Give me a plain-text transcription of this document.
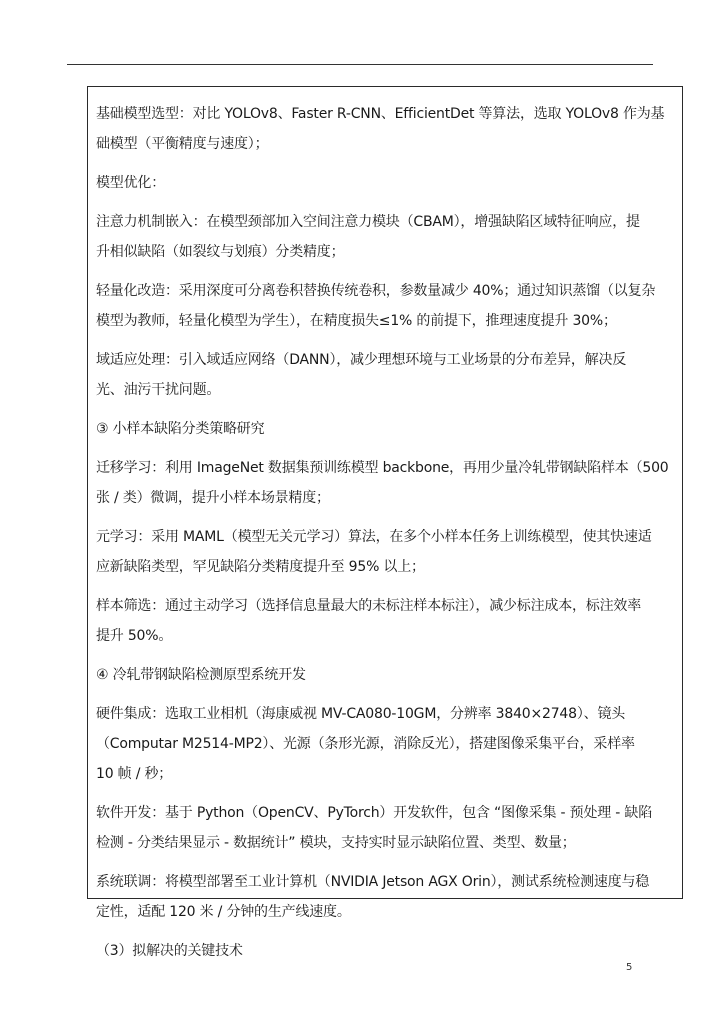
基础模型选型：对比 YOLOv8、Faster R-CNN、EfficientDet 等算法，选取 YOLOv8 作为基
础模型（平衡精度与速度）；
模型优化：
注意力机制嵌入：在模型颈部加入空间注意力模块（CBAM），增强缺陷区域特征响应，提
升相似缺陷（如裂纹与划痕）分类精度；
轻量化改造：采用深度可分离卷积替换传统卷积，参数量减少 40%；通过知识蒸馏（以复杂
模型为教师，轻量化模型为学生），在精度损失≤1% 的前提下，推理速度提升 30%；
域适应处理：引入域适应网络（DANN），减少理想环境与工业场景的分布差异，解决反
光、油污干扰问题。
③ 小样本缺陷分类策略研究
迁移学习：利用 ImageNet 数据集预训练模型 backbone，再用少量冷轧带钢缺陷样本（500
张 / 类）微调，提升小样本场景精度；
元学习：采用 MAML（模型无关元学习）算法，在多个小样本任务上训练模型，使其快速适
应新缺陷类型，罕见缺陷分类精度提升至 95% 以上；
样本筛选：通过主动学习（选择信息量最大的未标注样本标注），减少标注成本，标注效率
提升 50%。
④ 冷轧带钢缺陷检测原型系统开发
硬件集成：选取工业相机（海康威视 MV-CA080-10GM，分辨率 3840×2748）、镜头
（Computar M2514-MP2）、光源（条形光源，消除反光），搭建图像采集平台，采样率
10 帧 / 秒；
软件开发：基于 Python（OpenCV、PyTorch）开发软件，包含 “图像采集 - 预处理 - 缺陷
检测 - 分类结果显示 - 数据统计” 模块，支持实时显示缺陷位置、类型、数量；
系统联调：将模型部署至工业计算机（NVIDIA Jetson AGX Orin），测试系统检测速度与稳
定性，适配 120 米 / 分钟的生产线速度。
（3）拟解决的关键技术
5
